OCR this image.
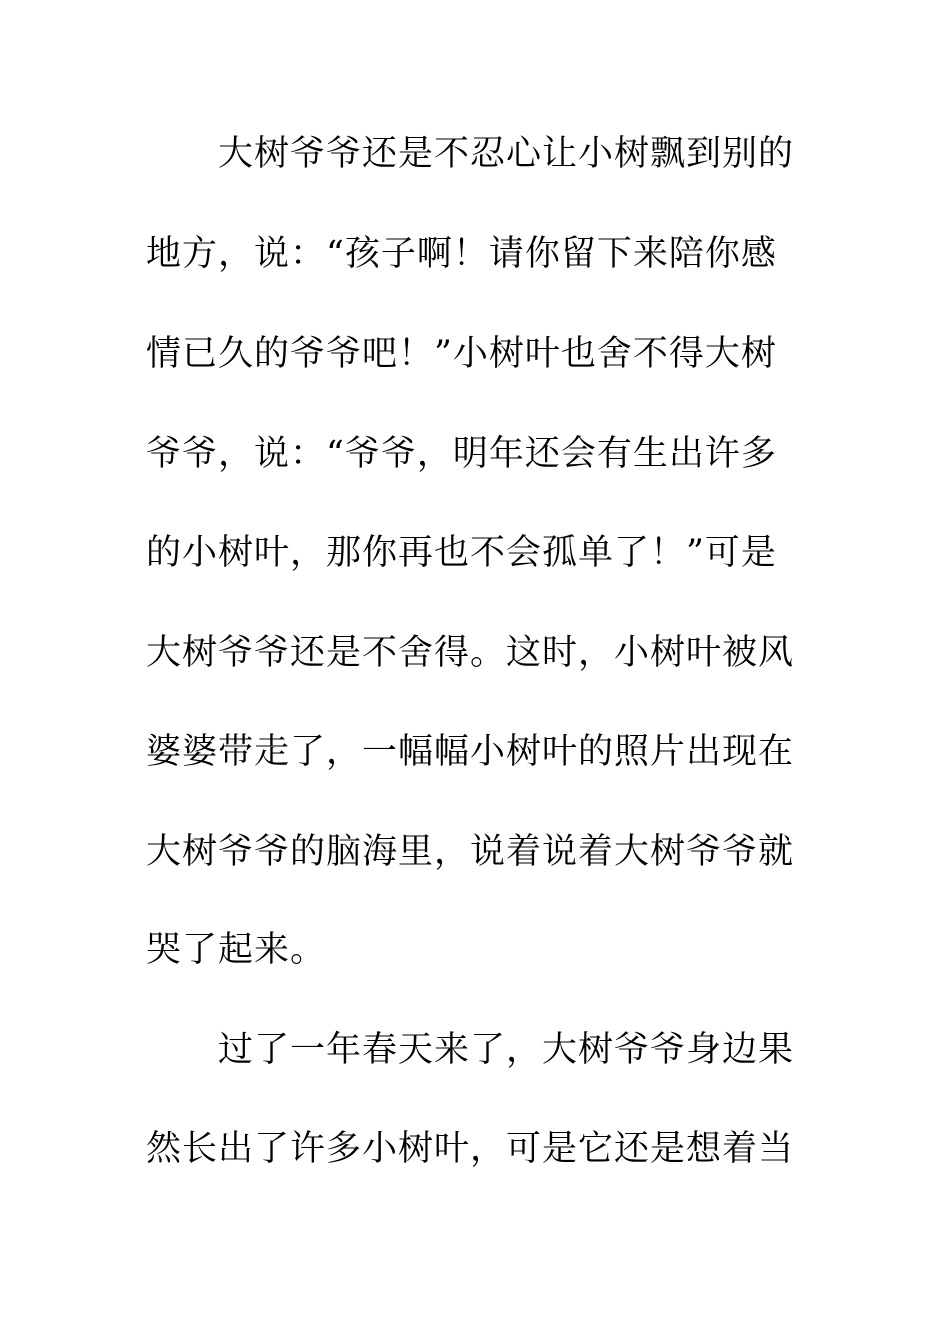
大树爷爷还是不忍心让小树飘到别的
地方，说：“孩子啊！请你留下来陪你感
情已久的爷爷吧！”小树叶也舍不得大树
爷爷，说：“爷爷，明年还会有生出许多
的小树叶，那你再也不会孤单了！”可是
大树爷爷还是不舍得。这时，小树叶被风
婆婆带走了，一幅幅小树叶的照片出现在
大树爷爷的脑海里，说着说着大树爷爷就
哭了起来。
过了一年春天来了，大树爷爷身边果
然长出了许多小树叶，可是它还是想着当
